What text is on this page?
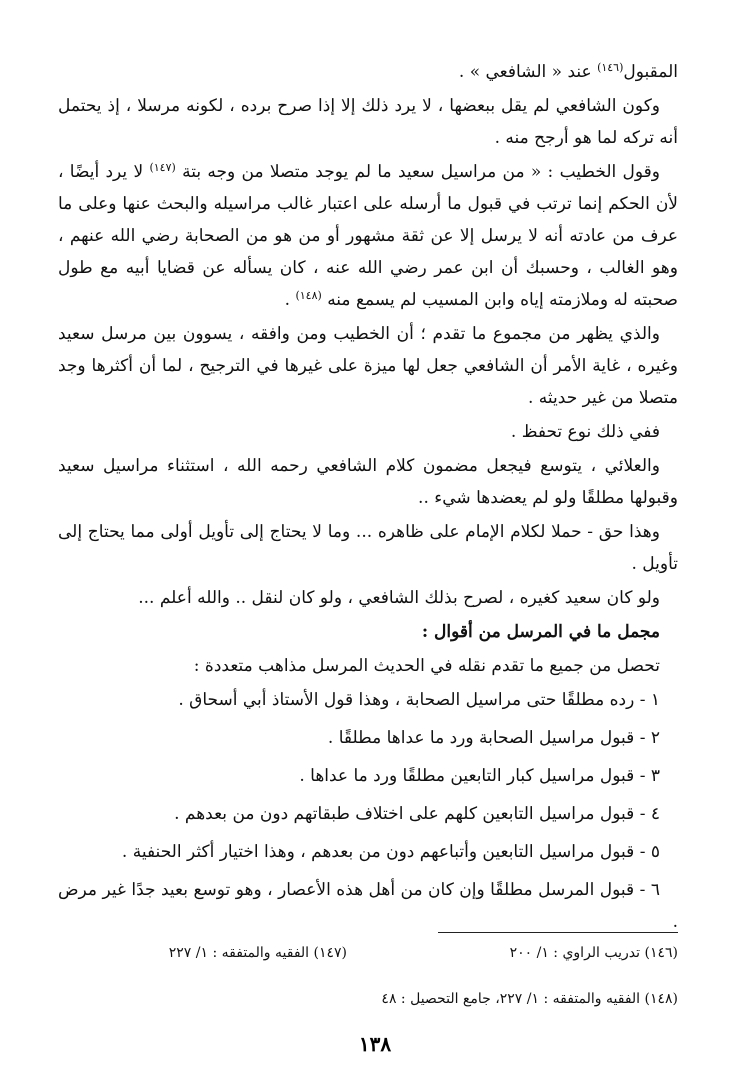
المقبول$^{(١٤٦)}$ عند « الشافعي » .

وكون الشافعي لم يقل ببعضها ، لا يرد ذلك إلا إذا صرح برده ، لكونه مرسلا ، إذ يحتمل أنه تركه لما هو أرجح منه .

وقول الخطيب : « من مراسيل سعيد ما لم يوجد متصلا من وجه بتة $^{(١٤٧)}$ لا يرد أيضًا ، لأن الحكم إنما ترتب في قبول ما أرسله على اعتبار غالب مراسيله والبحث عنها وعلى ما عرف من عادته أنه لا يرسل إلا عن ثقة مشهور أو من هو من الصحابة رضي الله عنهم ، وهو الغالب ، وحسبك أن ابن عمر رضي الله عنه ، كان يسأله عن قضايا أبيه مع طول صحبته له وملازمته إياه وابن المسيب لم يسمع منه $^{(١٤٨)}$ .

والذي يظهر من مجموع ما تقدم ؛ أن الخطيب ومن وافقه ، يسوون بين مرسل سعيد وغيره ، غاية الأمر أن الشافعي جعل لها ميزة على غيرها في الترجيح ، لما أن أكثرها وجد متصلا من غير حديثه .

ففي ذلك نوع تحفظ .

والعلائي ، يتوسع فيجعل مضمون كلام الشافعي رحمه الله ، استثناء مراسيل سعيد وقبولها مطلقًا ولو لم يعضدها شيء ..

وهذا حق - حملا لكلام الإمام على ظاهره ... وما لا يحتاج إلى تأويل أولى مما يحتاج إلى تأويل .

ولو كان سعيد كغيره ، لصرح بذلك الشافعي ، ولو كان لنقل .. والله أعلم ...

مجمل ما في المرسل من أقوال :

تحصل من جميع ما تقدم نقله في الحديث المرسل مذاهب متعددة :

١ - رده مطلقًا حتى مراسيل الصحابة ، وهذا قول الأستاذ أبي أسحاق .
٢ - قبول مراسيل الصحابة ورد ما عداها مطلقًا .
٣ - قبول مراسيل كبار التابعين مطلقًا ورد ما عداها .
٤ - قبول مراسيل التابعين كلهم على اختلاف طبقاتهم دون من بعدهم .
٥ - قبول مراسيل التابعين وأتباعهم دون من بعدهم ، وهذا اختيار أكثر الحنفية .
٦ - قبول المرسل مطلقًا وإن كان من أهل هذه الأعصار ، وهو توسع بعيد جدًا غير مرض .
(١٤٦) تدريب الراوي : ١/ ٢٠٠
(١٤٧) الفقيه والمتفقه : ١/ ٢٢٧
(١٤٨) الفقيه والمتفقه : ١/ ٢٢٧، جامع التحصيل : ٤٨
١٣٨
